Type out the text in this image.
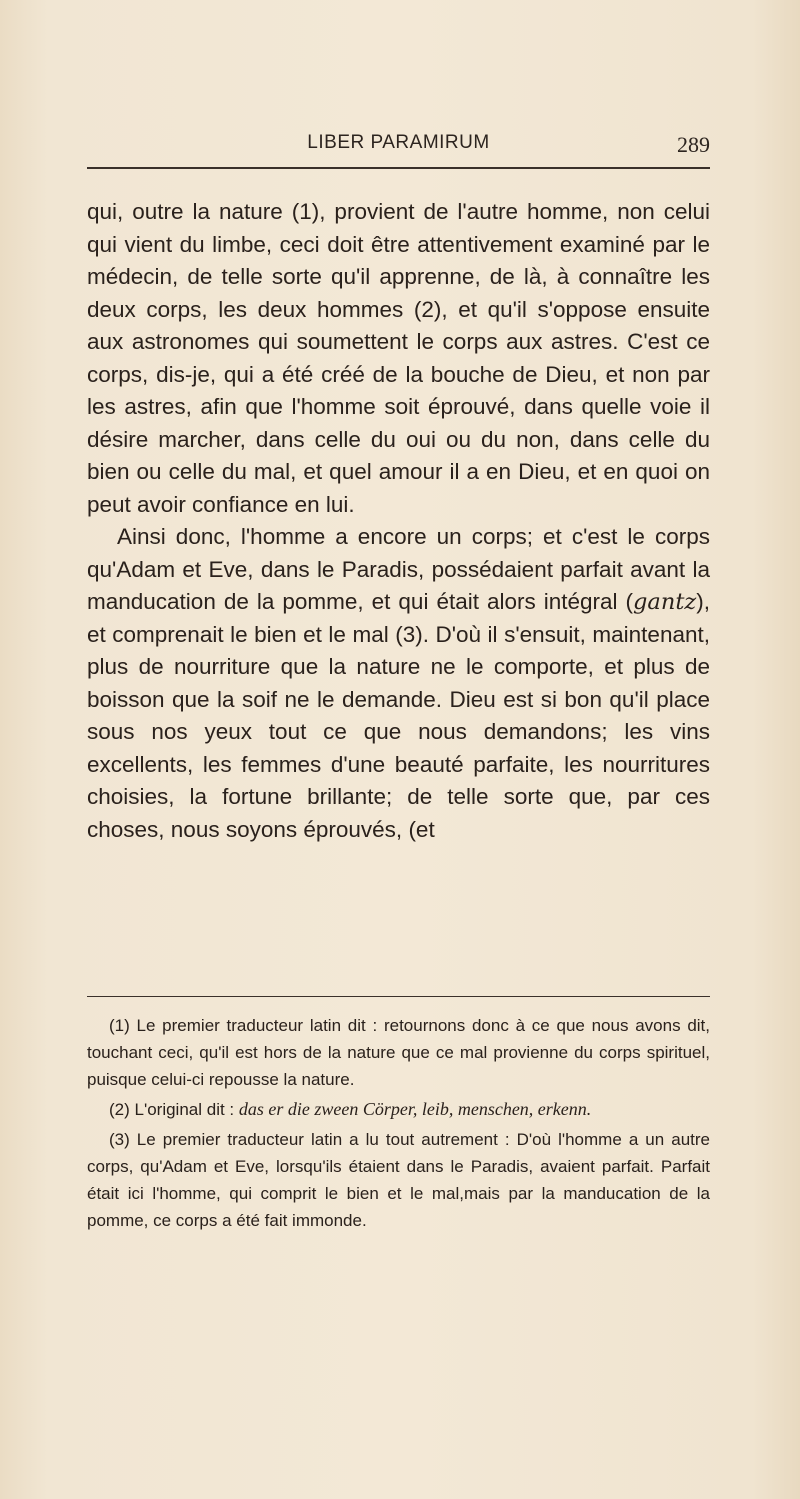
LIBER PARAMIRUM	289

qui, outre la nature (1), provient de l'autre homme, non celui qui vient du limbe, ceci doit être attentivement examiné par le médecin, de telle sorte qu'il apprenne, de là, à connaître les deux corps, les deux hommes (2), et qu'il s'oppose ensuite aux astronomes qui soumettent le corps aux astres. C'est ce corps, dis-je, qui a été créé de la bouche de Dieu, et non par les astres, afin que l'homme soit éprouvé, dans quelle voie il désire marcher, dans celle du oui ou du non, dans celle du bien ou celle du mal, et quel amour il a en Dieu, et en quoi on peut avoir confiance en lui.

Ainsi donc, l'homme a encore un corps; et c'est le corps qu'Adam et Eve, dans le Paradis, possédaient parfait avant la manducation de la pomme, et qui était alors intégral (gantz), et comprenait le bien et le mal (3). D'où il s'ensuit, maintenant, plus de nourriture que la nature ne le comporte, et plus de boisson que la soif ne le demande. Dieu est si bon qu'il place sous nos yeux tout ce que nous demandons; les vins excellents, les femmes d'une beauté parfaite, les nourritures choisies, la fortune brillante; de telle sorte que, par ces choses, nous soyons éprouvés, (et

(1) Le premier traducteur latin dit : retournons donc à ce que nous avons dit, touchant ceci, qu'il est hors de la nature que ce mal provienne du corps spirituel, puisque celui-ci repousse la nature.

(2) L'original dit : das er die zween Cörper, leib, menschen, erkenn.

(3) Le premier traducteur latin a lu tout autrement : D'où l'homme a un autre corps, qu'Adam et Eve, lorsqu'ils étaient dans le Paradis, avaient parfait. Parfait était ici l'homme, qui comprit le bien et le mal,mais par la manducation de la pomme, ce corps a été fait immonde.
